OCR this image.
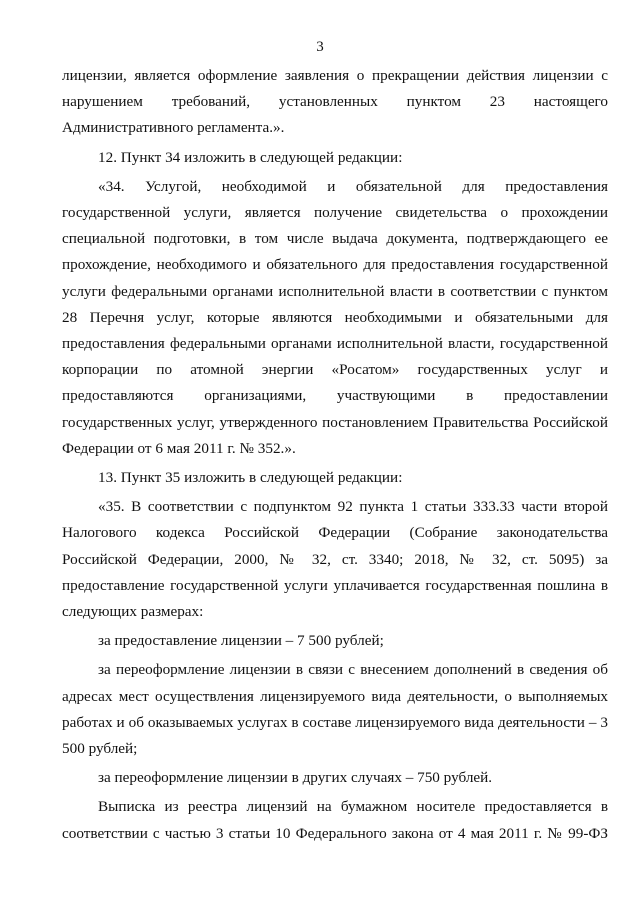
3

лицензии, является оформление заявления о прекращении действия лицензии с нарушением требований, установленных пунктом 23 настоящего Административного регламента.».

12. Пункт 34 изложить в следующей редакции:

«34. Услугой, необходимой и обязательной для предоставления государственной услуги, является получение свидетельства о прохождении специальной подготовки, в том числе выдача документа, подтверждающего ее прохождение, необходимого и обязательного для предоставления государственной услуги федеральными органами исполнительной власти в соответствии с пунктом 28 Перечня услуг, которые являются необходимыми и обязательными для предоставления федеральными органами исполнительной власти, государственной корпорации по атомной энергии «Росатом» государственных услуг и предоставляются организациями, участвующими в предоставлении государственных услуг, утвержденного постановлением Правительства Российской Федерации от 6 мая 2011 г. № 352.».

13. Пункт 35 изложить в следующей редакции:

«35. В соответствии с подпунктом 92 пункта 1 статьи 333.33 части второй Налогового кодекса Российской Федерации (Собрание законодательства Российской Федерации, 2000, № 32, ст. 3340; 2018, № 32, ст. 5095) за предоставление государственной услуги уплачивается государственная пошлина в следующих размерах:

за предоставление лицензии – 7 500 рублей;

за переоформление лицензии в связи с внесением дополнений в сведения об адресах мест осуществления лицензируемого вида деятельности, о выполняемых работах и об оказываемых услугах в составе лицензируемого вида деятельности – 3 500 рублей;

за переоформление лицензии в других случаях – 750 рублей.

Выписка из реестра лицензий на бумажном носителе предоставляется в соответствии с частью 3 статьи 10 Федерального закона от 4 мая 2011 г. № 99-ФЗ
